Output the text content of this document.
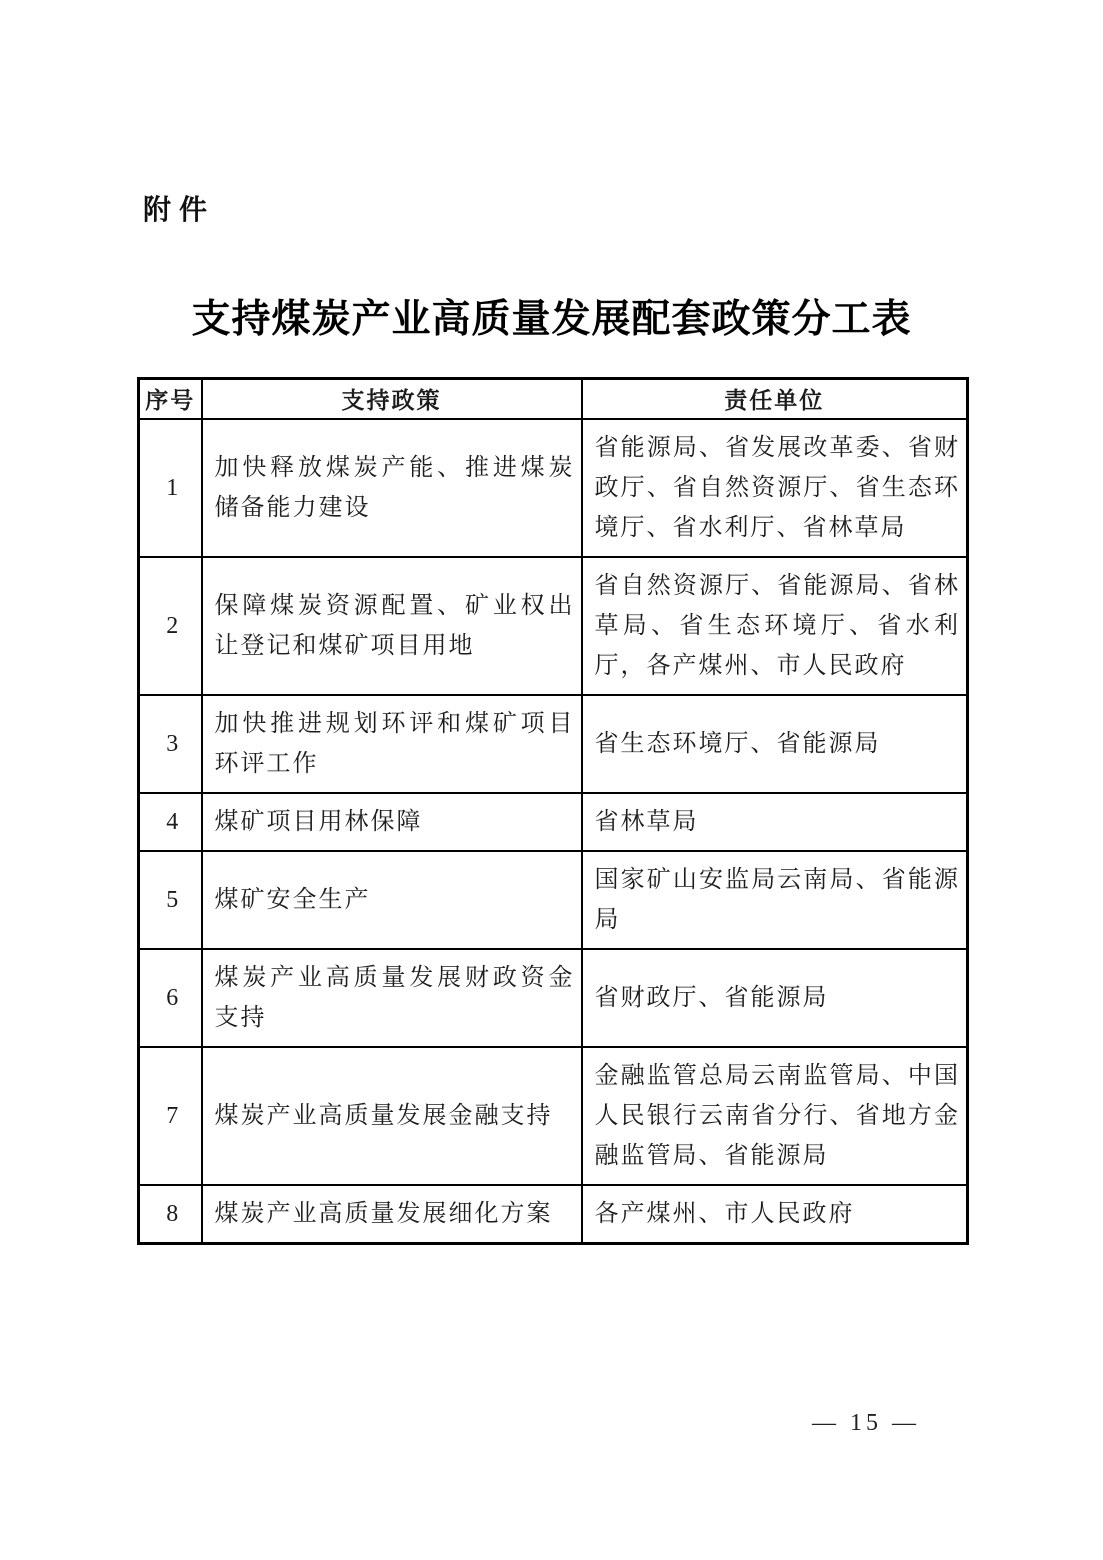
附件
支持煤炭产业高质量发展配套政策分工表
序号	支持政策	责任单位
1	加快释放煤炭产能、推进煤炭储备能力建设	省能源局、省发展改革委、省财政厅、省自然资源厅、省生态环境厅、省水利厅、省林草局
2	保障煤炭资源配置、矿业权出让登记和煤矿项目用地	省自然资源厅、省能源局、省林草局、省生态环境厅、省水利厅，各产煤州、市人民政府
3	加快推进规划环评和煤矿项目环评工作	省生态环境厅、省能源局
4	煤矿项目用林保障	省林草局
5	煤矿安全生产	国家矿山安监局云南局、省能源局
6	煤炭产业高质量发展财政资金支持	省财政厅、省能源局
7	煤炭产业高质量发展金融支持	金融监管总局云南监管局、中国人民银行云南省分行、省地方金融监管局、省能源局
8	煤炭产业高质量发展细化方案	各产煤州、市人民政府
— 15 —
